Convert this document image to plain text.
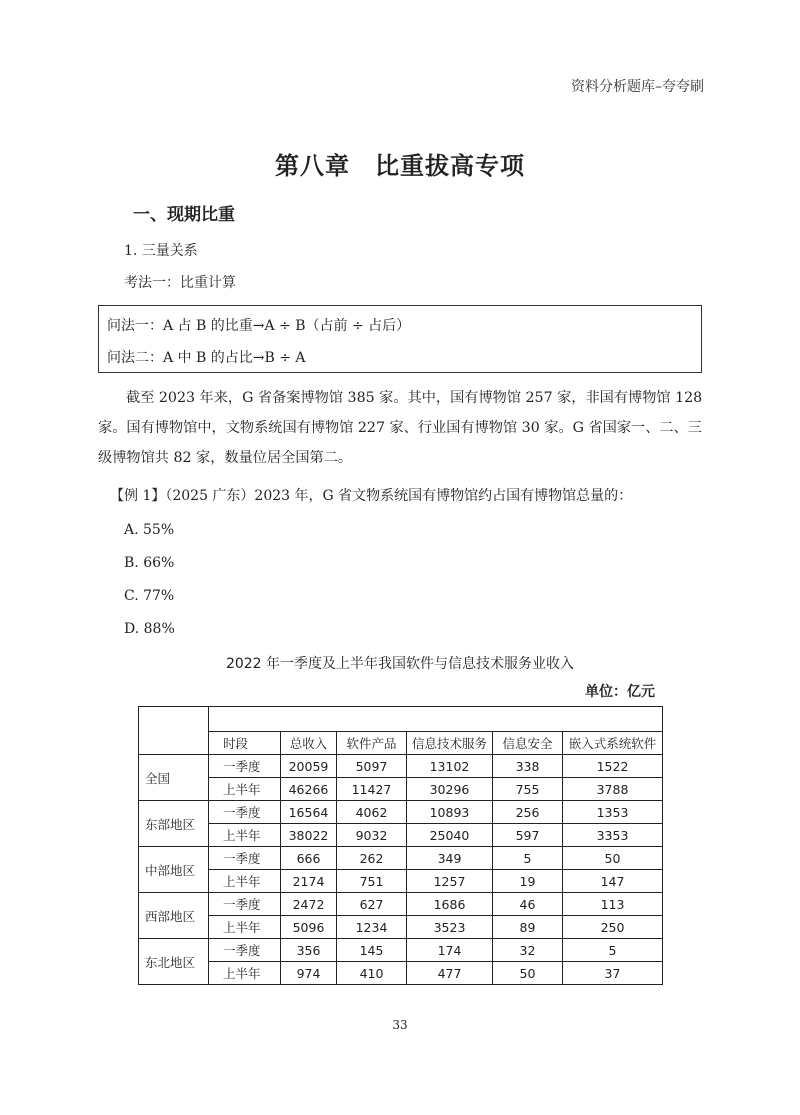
资料分析题库–夸夸刷
第八章　比重拔高专项
一、现期比重
1. 三量关系
考法一：比重计算
问法一：A 占 B 的比重→A ÷ B（占前 ÷ 占后）
问法二：A 中 B 的占比→B ÷ A
截至 2023 年来，G 省备案博物馆 385 家。其中，国有博物馆 257 家，非国有博物馆 128 家。国有博物馆中，文物系统国有博物馆 227 家、行业国有博物馆 30 家。G 省国家一、二、三级博物馆共 82 家，数量位居全国第二。
【例 1】（2025 广东）2023 年，G 省文物系统国有博物馆约占国有博物馆总量的：
A. 55%
B. 66%
C. 77%
D. 88%
2022 年一季度及上半年我国软件与信息技术服务业收入
单位：亿元

	时段	总收入	软件产品	信息技术服务	信息安全	嵌入式系统软件
全国	一季度	20059	5097	13102	338	1522
	上半年	46266	11427	30296	755	3788
东部地区	一季度	16564	4062	10893	256	1353
	上半年	38022	9032	25040	597	3353
中部地区	一季度	666	262	349	5	50
	上半年	2174	751	1257	19	147
西部地区	一季度	2472	627	1686	46	113
	上半年	5096	1234	3523	89	250
东北地区	一季度	356	145	174	32	5
	上半年	974	410	477	50	37
33
